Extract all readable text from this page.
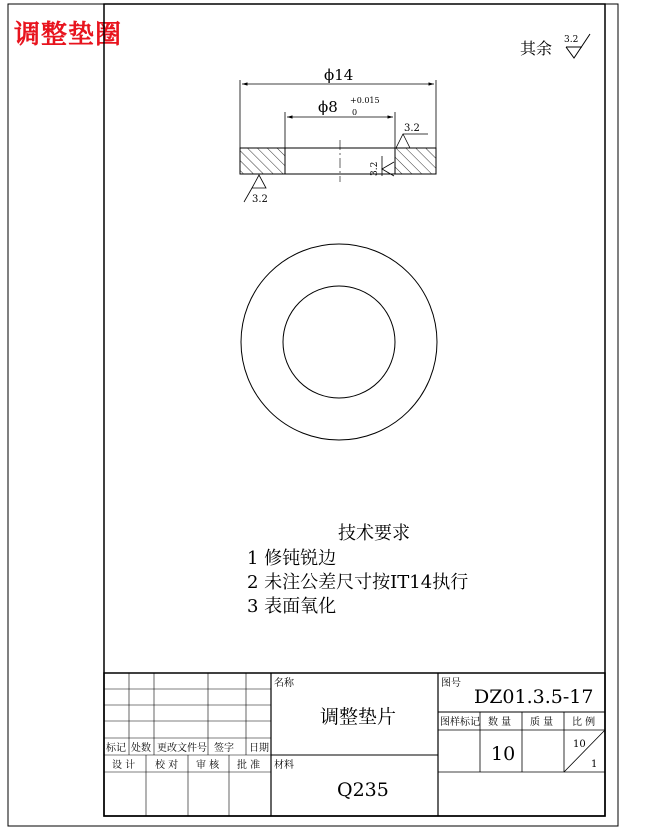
调整垫圈	其余 3.2
ϕ14
ϕ8 +0.015
0
3.2
3.2
3.2
技术要求
1 修钝锐边
2 未注公差尺寸按IT14执行
3 表面氧化
名称
调整垫片
图号
DZ01.3.5-17
材料
Q235
标记 处数 更改文件号 签字 日期
设 计 校 对 审 核 批 准
图样标记 数 量 质 量 比 例
10	10
1
